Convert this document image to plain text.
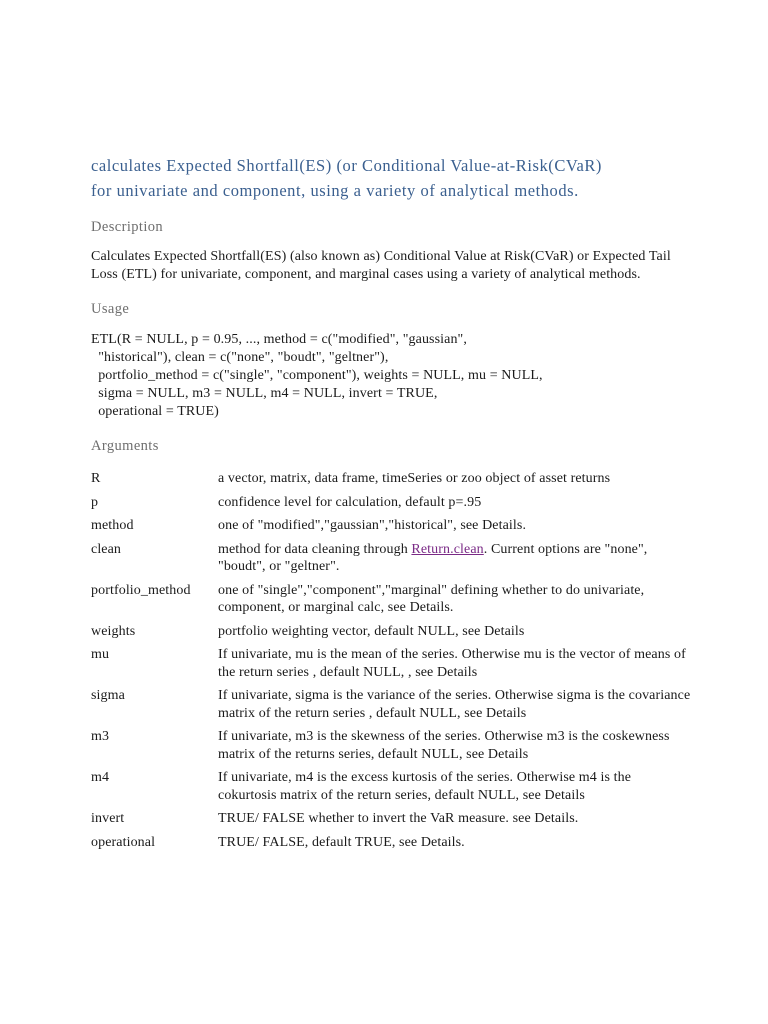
calculates Expected Shortfall(ES) (or Conditional Value-at-Risk(CVaR)
for univariate and component, using a variety of analytical methods.
Description

Calculates Expected Shortfall(ES) (also known as) Conditional Value at Risk(CVaR) or Expected Tail Loss (ETL) for univariate, component, and marginal cases using a variety of analytical methods.

Usage
ETL(R = NULL, p = 0.95, ..., method = c("modified", "gaussian",
"historical"), clean = c("none", "boudt", "geltner"),
portfolio_method = c("single", "component"), weights = NULL, mu = NULL,
sigma = NULL, m3 = NULL, m4 = NULL, invert = TRUE,
operational = TRUE)
Arguments
R	a vector, matrix, data frame, timeSeries or zoo object of asset returns
p	confidence level for calculation, default p=.95
method	one of "modified","gaussian","historical", see Details.
clean	method for data cleaning through Return.clean. Current options are "none", "boudt", or "geltner".
portfolio_method	one of "single","component","marginal" defining whether to do univariate, component, or marginal calc, see Details.
weights	portfolio weighting vector, default NULL, see Details
mu	If univariate, mu is the mean of the series. Otherwise mu is the vector of means of the return series , default NULL, , see Details
sigma	If univariate, sigma is the variance of the series. Otherwise sigma is the covariance matrix of the return series , default NULL, see Details
m3	If univariate, m3 is the skewness of the series. Otherwise m3 is the coskewness matrix of the returns series, default NULL, see Details
m4	If univariate, m4 is the excess kurtosis of the series. Otherwise m4 is the cokurtosis matrix of the return series, default NULL, see Details
invert	TRUE/ FALSE whether to invert the VaR measure. see Details.
operational	TRUE/ FALSE, default TRUE, see Details.
